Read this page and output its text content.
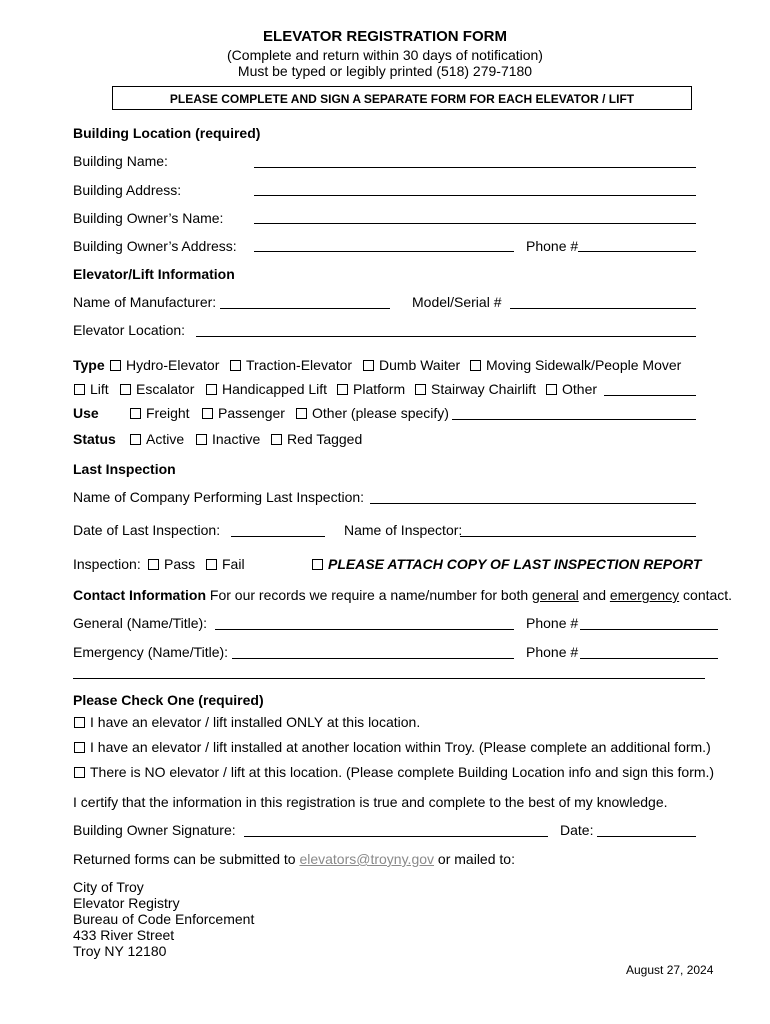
ELEVATOR REGISTRATION FORM
(Complete and return within 30 days of notification)
Must be typed or legibly printed (518) 279-7180
PLEASE COMPLETE AND SIGN A SEPARATE FORM FOR EACH ELEVATOR / LIFT
Building Location (required)
Building Name:
Building Address:
Building Owner’s Name:
Building Owner’s Address:	Phone #
Elevator/Lift Information
Name of Manufacturer:	Model/Serial #
Elevator Location:
Type	Hydro-Elevator	Traction-Elevator	Dumb Waiter	Moving Sidewalk/People Mover
Lift	Escalator	Handicapped Lift	Platform	Stairway Chairlift	Other
Use	Freight	Passenger	Other (please specify)
Status	Active	Inactive	Red Tagged
Last Inspection
Name of Company Performing Last Inspection:
Date of Last Inspection:	Name of Inspector:
Inspection:	Pass	Fail	PLEASE ATTACH COPY OF LAST INSPECTION REPORT
Contact Information For our records we require a name/number for both general and emergency contact.
General (Name/Title):	Phone #
Emergency (Name/Title):	Phone #
Please Check One (required)
I have an elevator / lift installed ONLY at this location.
I have an elevator / lift installed at another location within Troy. (Please complete an additional form.)
There is NO elevator / lift at this location. (Please complete Building Location info and sign this form.)
I certify that the information in this registration is true and complete to the best of my knowledge.
Building Owner Signature:	Date:
Returned forms can be submitted to elevators@troyny.gov or mailed to:
City of Troy
Elevator Registry
Bureau of Code Enforcement
433 River Street
Troy NY 12180
August 27, 2024
